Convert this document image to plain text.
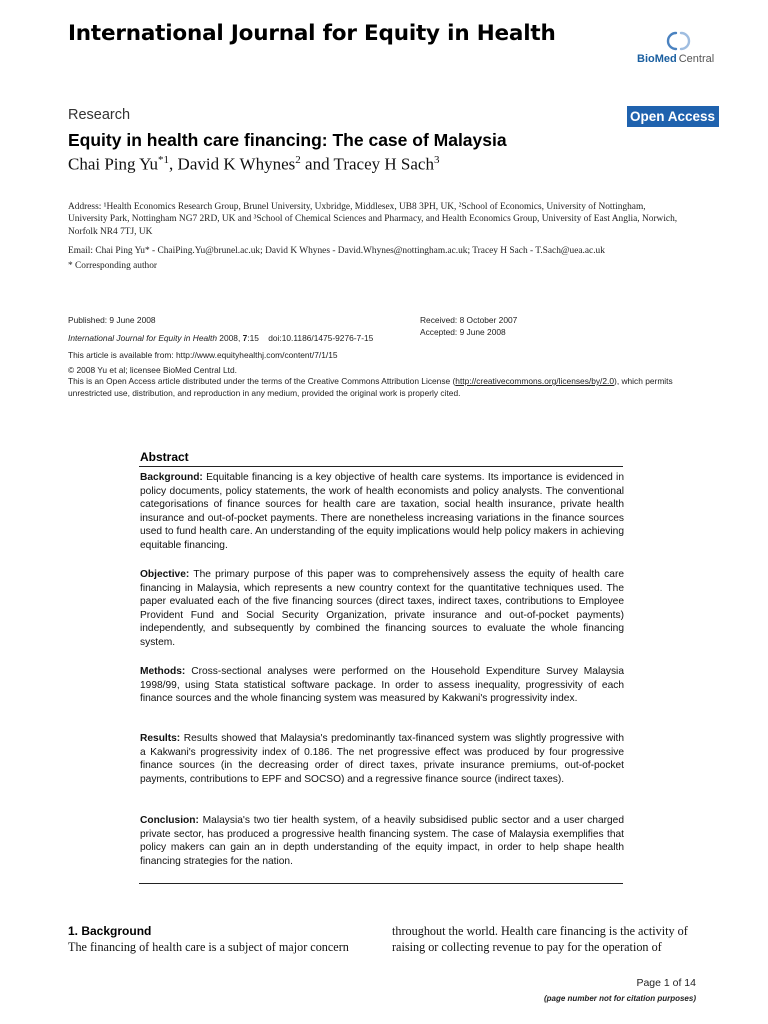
International Journal for Equity in Health
BioMed Central
Research	Open Access
Equity in health care financing: The case of Malaysia
Chai Ping Yu$^{*1}$, David K Whynes$^2$ and Tracey H Sach$^3$
Address: ¹Health Economics Research Group, Brunel University, Uxbridge, Middlesex, UB8 3PH, UK, ²School of Economics, University of Nottingham, University Park, Nottingham NG7 2RD, UK and ³School of Chemical Sciences and Pharmacy, and Health Economics Group, University of East Anglia, Norwich, Norfolk NR4 7TJ, UK
Email: Chai Ping Yu* - ChaiPing.Yu@brunel.ac.uk; David K Whynes - David.Whynes@nottingham.ac.uk; Tracey H Sach - T.Sach@uea.ac.uk
* Corresponding author
Published: 9 June 2008
International Journal for Equity in Health 2008, 7:15    doi:10.1186/1475-9276-7-15
This article is available from: http://www.equityhealthj.com/content/7/1/15
Received: 8 October 2007
Accepted: 9 June 2008
© 2008 Yu et al; licensee BioMed Central Ltd.
This is an Open Access article distributed under the terms of the Creative Commons Attribution License (http://creativecommons.org/licenses/by/2.0), which permits unrestricted use, distribution, and reproduction in any medium, provided the original work is properly cited.
Abstract
Background: Equitable financing is a key objective of health care systems. Its importance is evidenced in policy documents, policy statements, the work of health economists and policy analysts. The conventional categorisations of finance sources for health care are taxation, social health insurance, private health insurance and out-of-pocket payments. There are nonetheless increasing variations in the finance sources used to fund health care. An understanding of the equity implications would help policy makers in achieving equitable financing.
Objective: The primary purpose of this paper was to comprehensively assess the equity of health care financing in Malaysia, which represents a new country context for the quantitative techniques used. The paper evaluated each of the five financing sources (direct taxes, indirect taxes, contributions to Employee Provident Fund and Social Security Organization, private insurance and out-of-pocket payments) independently, and subsequently by combined the financing sources to evaluate the whole financing system.
Methods: Cross-sectional analyses were performed on the Household Expenditure Survey Malaysia 1998/99, using Stata statistical software package. In order to assess inequality, progressivity of each finance sources and the whole financing system was measured by Kakwani's progressivity index.
Results: Results showed that Malaysia's predominantly tax-financed system was slightly progressive with a Kakwani's progressivity index of 0.186. The net progressive effect was produced by four progressive finance sources (in the decreasing order of direct taxes, private insurance premiums, out-of-pocket payments, contributions to EPF and SOCSO) and a regressive finance source (indirect taxes).
Conclusion: Malaysia's two tier health system, of a heavily subsidised public sector and a user charged private sector, has produced a progressive health financing system. The case of Malaysia exemplifies that policy makers can gain an in depth understanding of the equity impact, in order to help shape health financing strategies for the nation.
1. Background
The financing of health care is a subject of major concern
throughout the world. Health care financing is the activity of raising or collecting revenue to pay for the operation of
Page 1 of 14
(page number not for citation purposes)
